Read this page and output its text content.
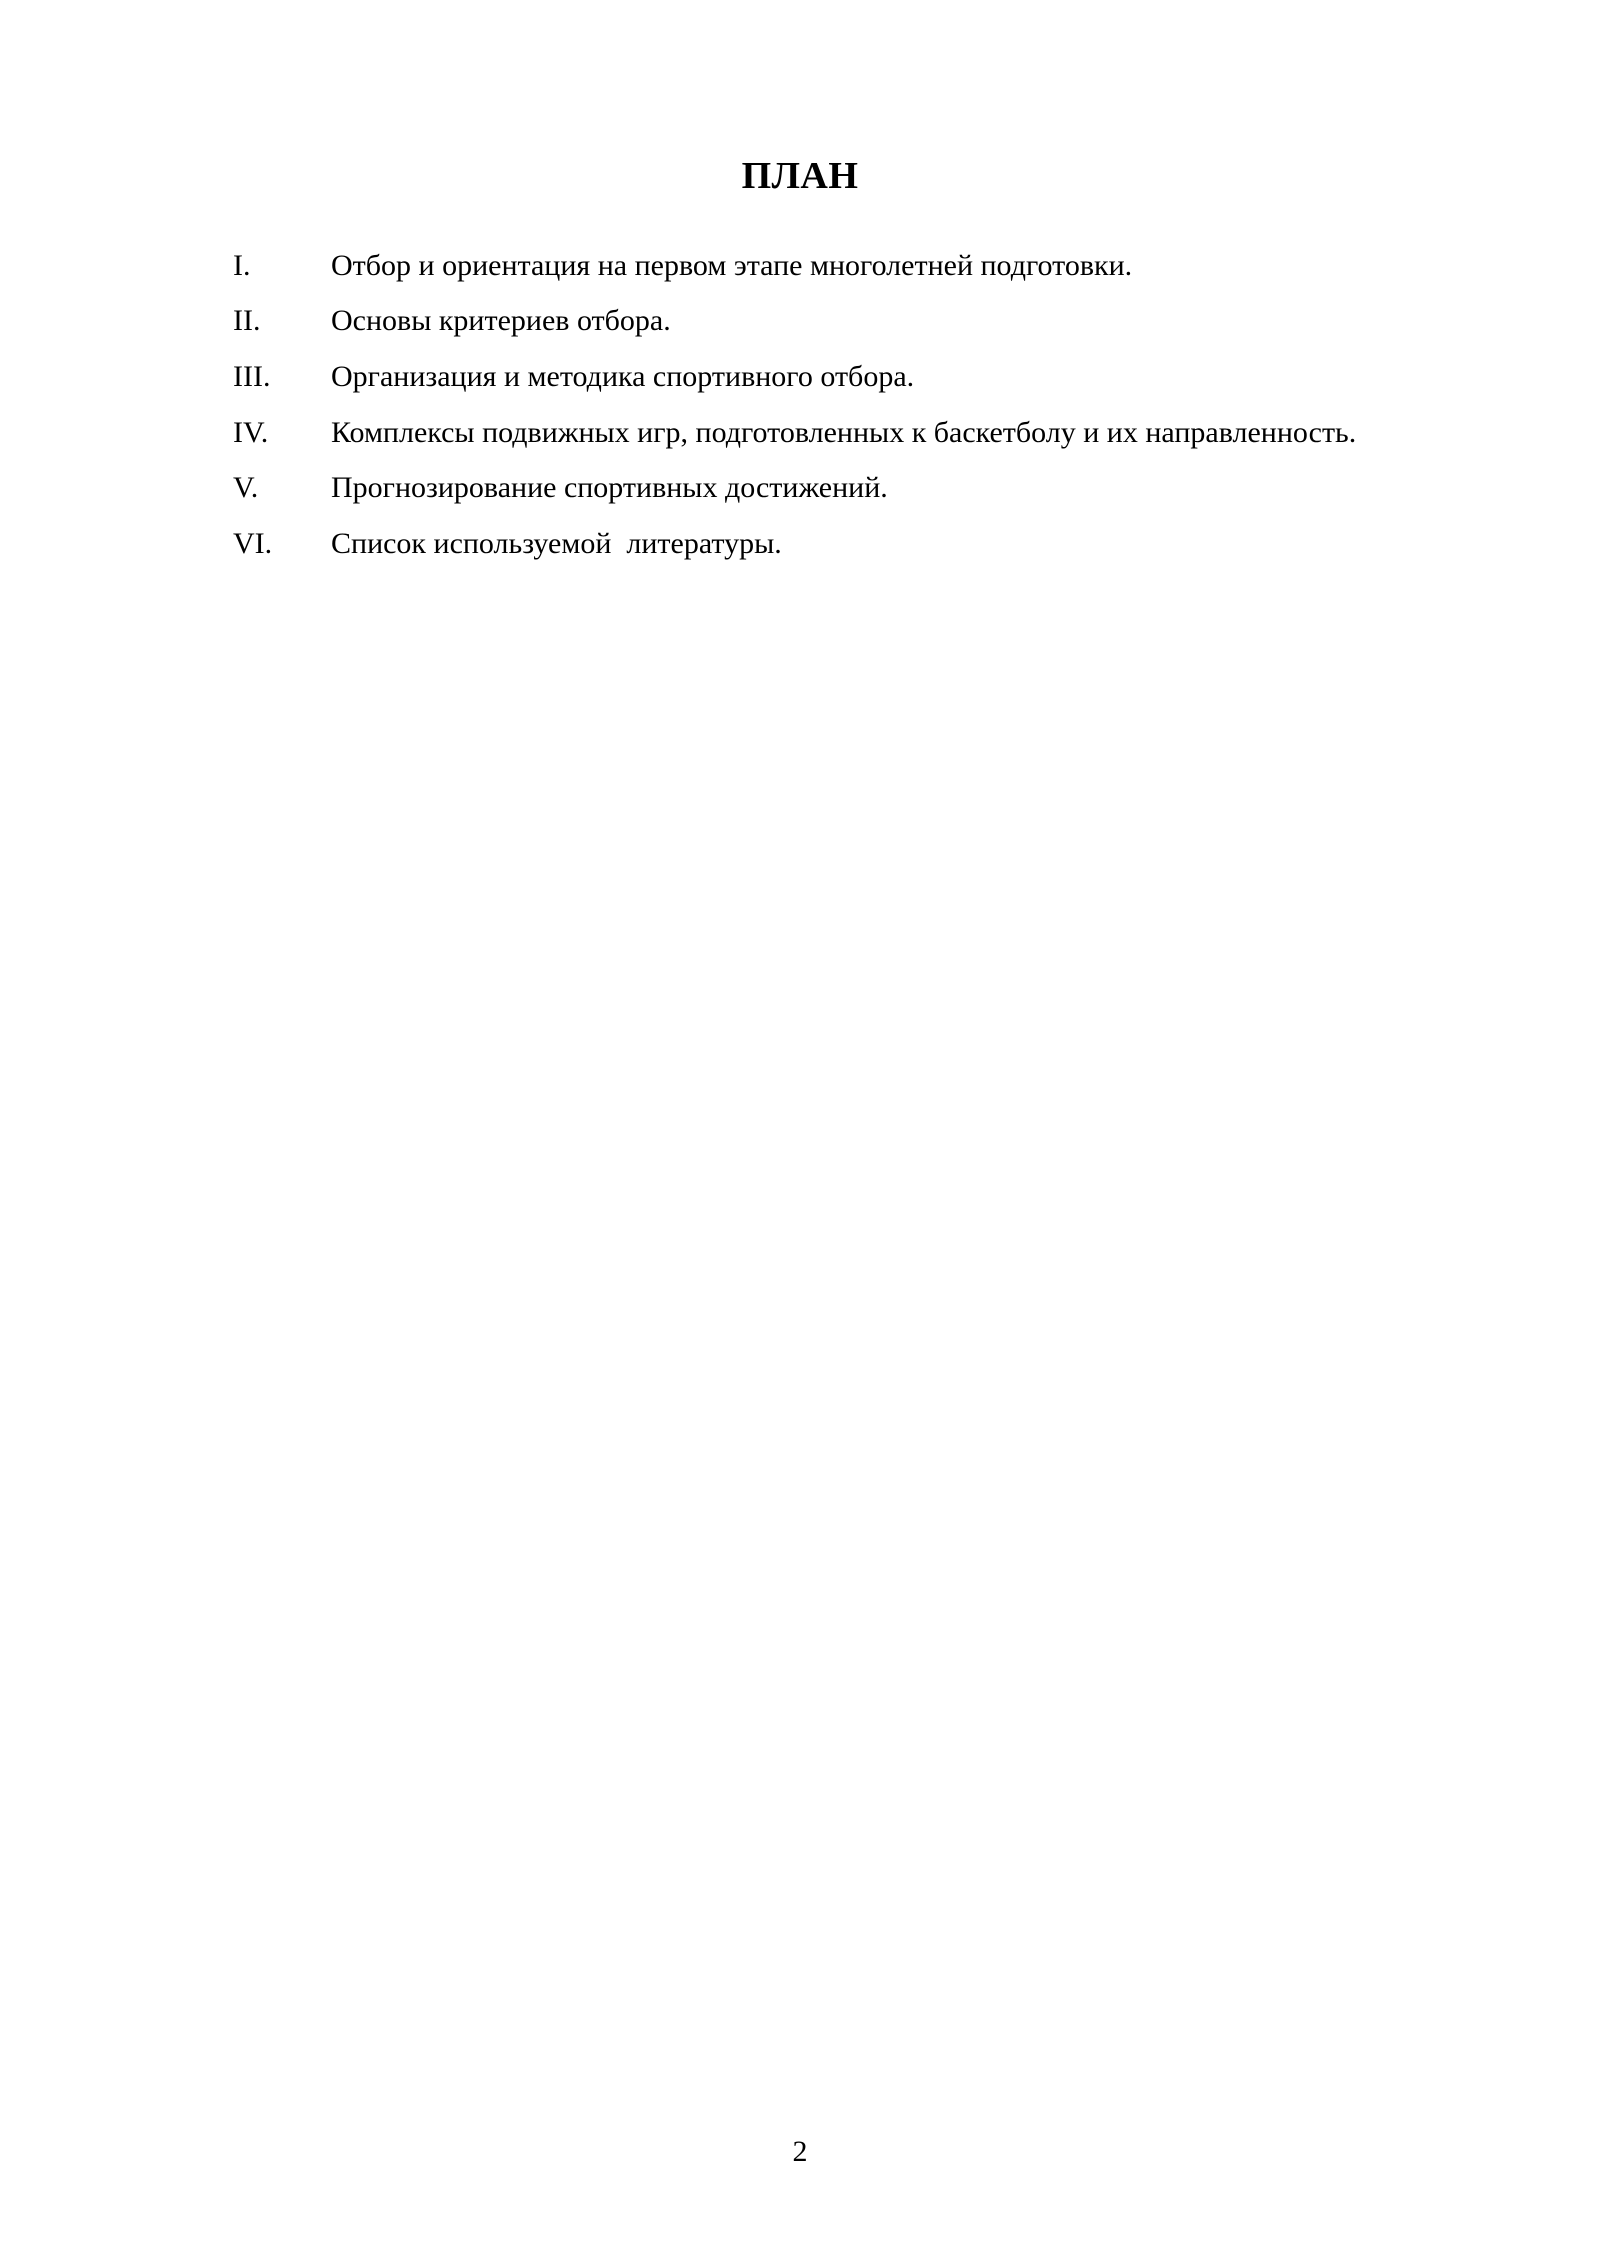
ПЛАН
I.	Отбор и ориентация на первом этапе многолетней подготовки.
II.	Основы критериев отбора.
III.	Организация и методика спортивного отбора.
IV.	Комплексы подвижных игр, подготовленных к баскетболу и их направленность.
V.	Прогнозирование спортивных достижений.
VI.	Список используемой  литературы.
2
